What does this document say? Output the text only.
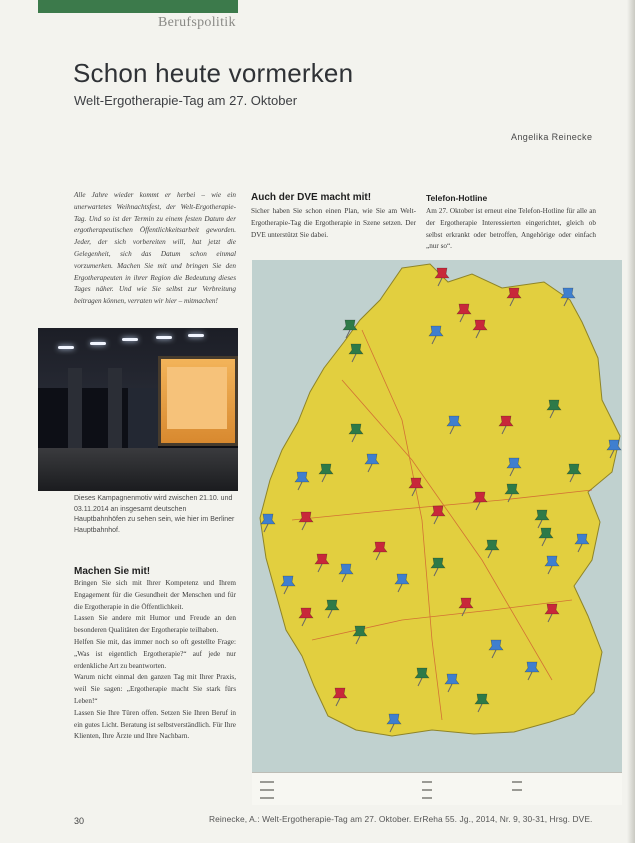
Berufspolitik
Schon heute vormerken
Welt-Ergotherapie-Tag am 27. Oktober
Angelika Reinecke
Alle Jahre wieder kommt er herbei – wie ein unerwartetes Weihnachtsfest, der Welt-Ergotherapie-Tag. Und so ist der Termin zu einem festen Datum der ergotherapeutischen Öffentlichkeitsarbeit geworden. Jeder, der sich vorbereiten will, hat jetzt die Gelegenheit, sich das Datum schon einmal vorzumerken. Machen Sie mit und bringen Sie den Ergotherapeuten in ihrer Region die Bedeutung dieses Tages näher. Und wie Sie selbst zur Verbreitung beitragen können, verraten wir hier – mitmachen!
Dieses Kampagnenmotiv wird zwischen 21.10. und 03.11.2014 an insgesamt deutschen Hauptbahnhöfen zu sehen sein, wie hier im Berliner Hauptbahnhof.
Machen Sie mit!

Bringen Sie sich mit Ihrer Kompetenz und Ihrem Engagement für die Gesundheit der Menschen und für die Ergotherapie in die Öffentlichkeit.

Lassen Sie andere mit Humor und Freude an den besonderen Qualitäten der Ergotherapie teilhaben.

Helfen Sie mit, das immer noch so oft gestellte Frage: „Was ist eigentlich Ergotherapie?“ auf jede nur erdenkliche Art zu beantworten.

Warum nicht einmal den ganzen Tag mit Ihrer Praxis, weil Sie sagen: „Ergotherapie macht Sie stark fürs Leben!“

Lassen Sie Ihre Türen offen. Setzen Sie Ihren Beruf in ein gutes Licht. Beratung ist selbstverständlich. Für Ihre Klienten, Ihre Ärzte und Ihre Nachbarn.

Auch der DVE macht mit!
Sicher haben Sie schon einen Plan, wie Sie am Welt-Ergotherapie-Tag die Ergotherapie in Szene setzen. Der DVE unterstützt Sie dabei.
Telefon-Hotline
Am 27. Oktober ist erneut eine Telefon-Hotline für alle an der Ergotherapie Interessierten eingerichtet, gleich ob selbst erkrankt oder betroffen, Angehörige oder einfach „nur so“.
30	Reinecke, A.: Welt-Ergotherapie-Tag am 27. Oktober. ErReha 55. Jg., 2014, Nr. 9, 30-31, Hrsg. DVE.
